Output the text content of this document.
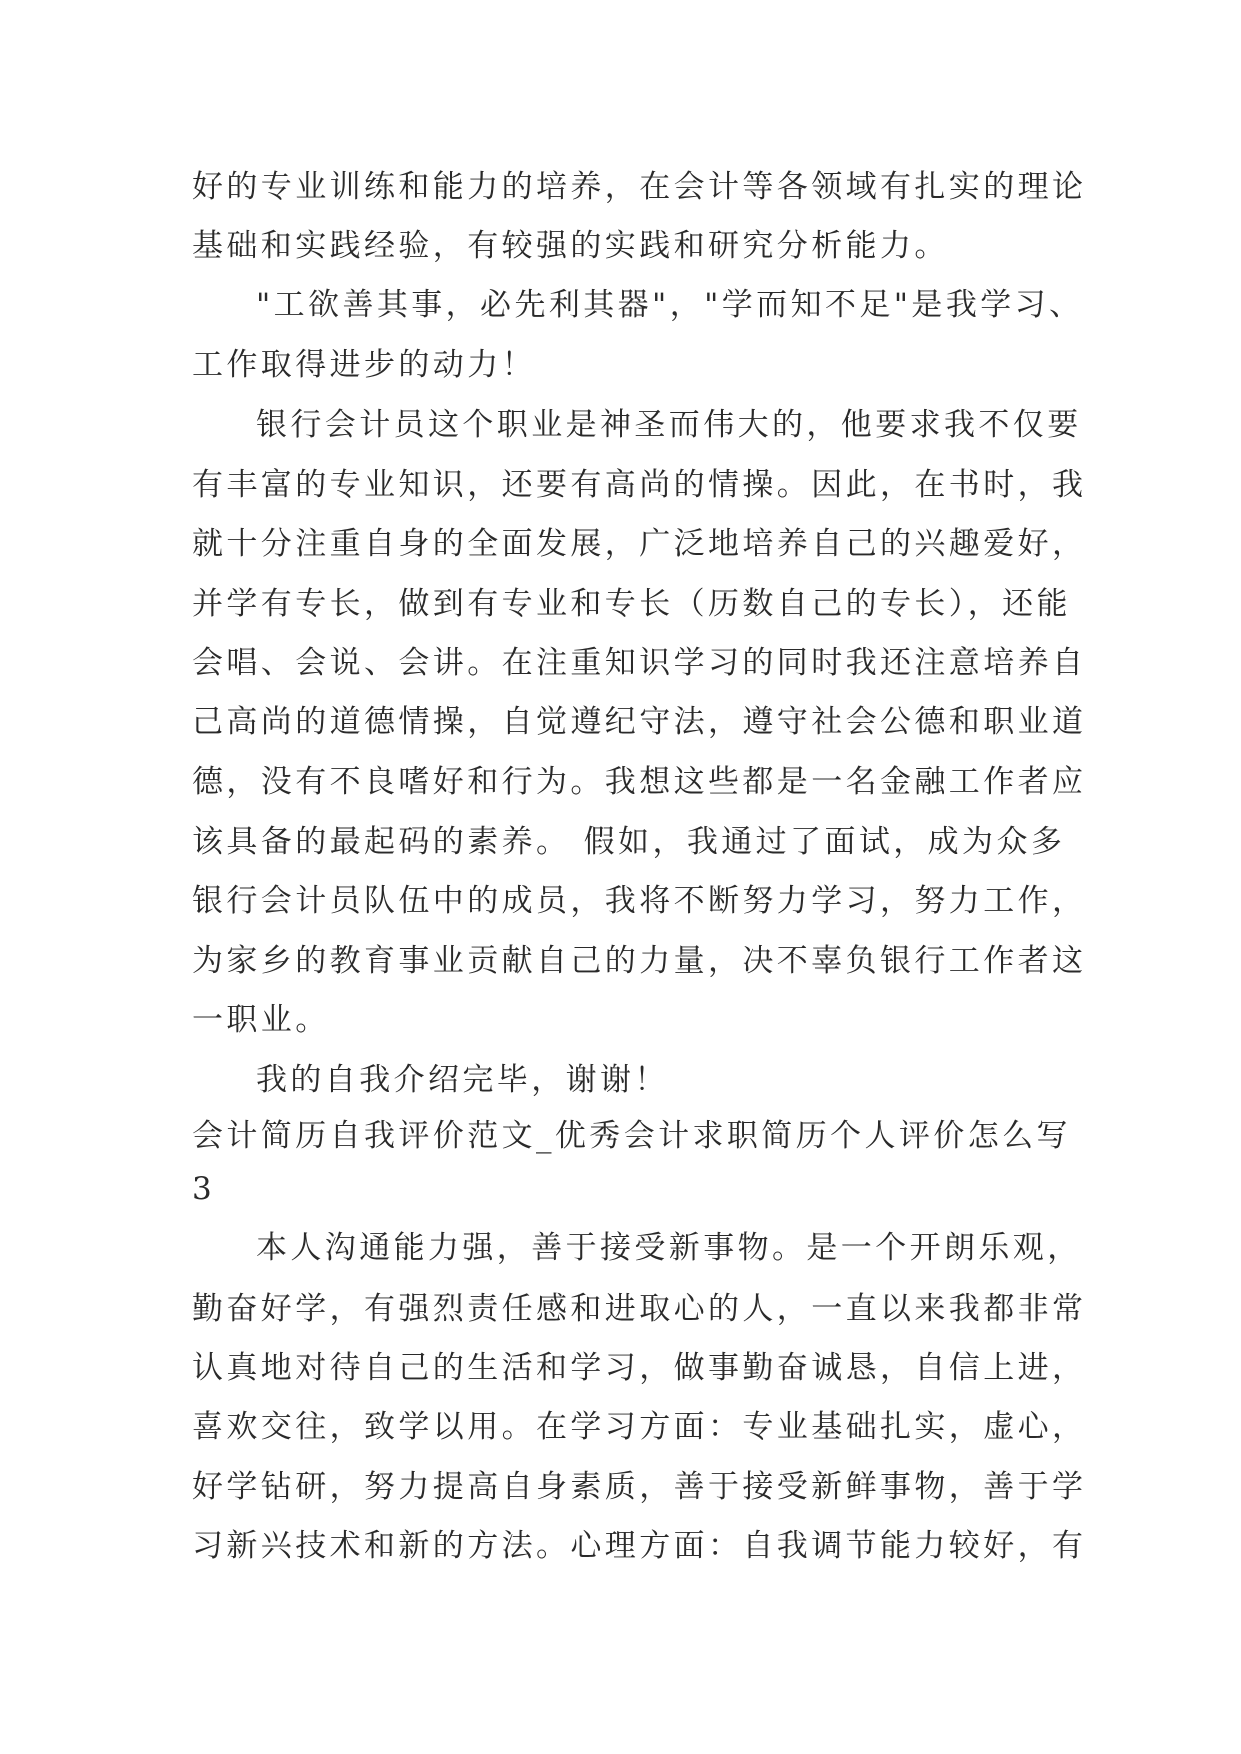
好的专业训练和能力的培养，在会计等各领域有扎实的理论

基础和实践经验，有较强的实践和研究分析能力。

"工欲善其事，必先利其器"，"学而知不足"是我学习、

工作取得进步的动力！

银行会计员这个职业是神圣而伟大的，他要求我不仅要

有丰富的专业知识，还要有高尚的情操。因此，在书时，我

就十分注重自身的全面发展，广泛地培养自己的兴趣爱好，

并学有专长，做到有专业和专长（历数自己的专长），还能

会唱、会说、会讲。在注重知识学习的同时我还注意培养自

己高尚的道德情操，自觉遵纪守法，遵守社会公德和职业道

德，没有不良嗜好和行为。我想这些都是一名金融工作者应

该具备的最起码的素养。 假如，我通过了面试，成为众多

银行会计员队伍中的成员，我将不断努力学习，努力工作，

为家乡的教育事业贡献自己的力量，决不辜负银行工作者这

一职业。

我的自我介绍完毕，谢谢！

会计简历自我评价范文_优秀会计求职简历个人评价怎么写

3

本人沟通能力强，善于接受新事物。是一个开朗乐观，

勤奋好学，有强烈责任感和进取心的人，一直以来我都非常

认真地对待自己的生活和学习，做事勤奋诚恳，自信上进，

喜欢交往，致学以用。在学习方面：专业基础扎实，虚心，

好学钻研，努力提高自身素质，善于接受新鲜事物，善于学

习新兴技术和新的方法。心理方面：自我调节能力较好，有
